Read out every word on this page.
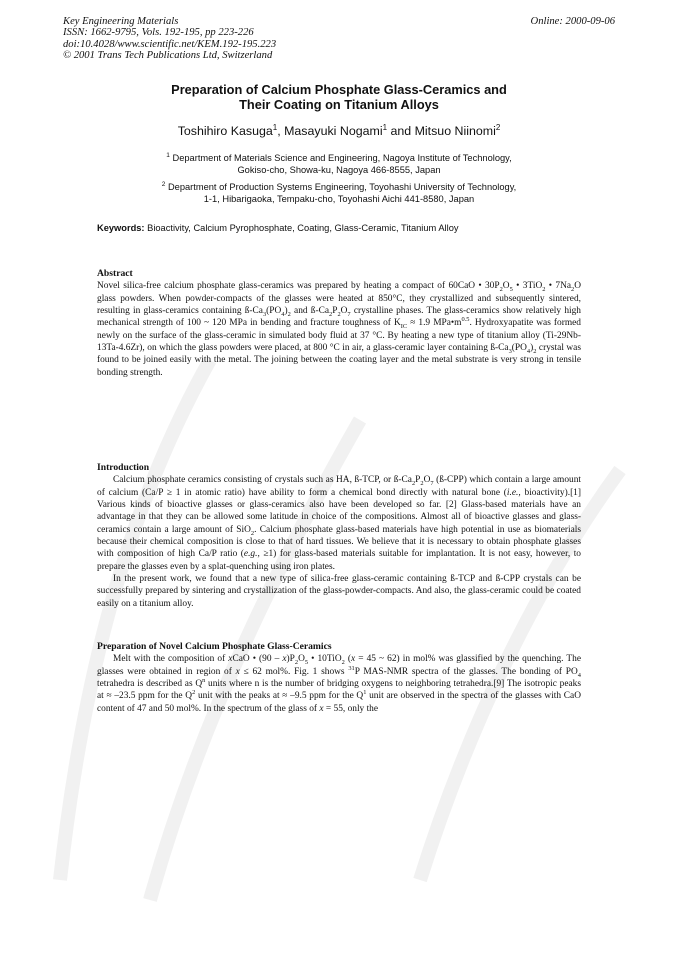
Key Engineering Materials
ISSN: 1662-9795, Vols. 192-195, pp 223-226
doi:10.4028/www.scientific.net/KEM.192-195.223
© 2001 Trans Tech Publications Ltd, Switzerland
Online: 2000-09-06
Preparation of Calcium Phosphate Glass-Ceramics and
Their Coating on Titanium Alloys
Toshihiro Kasuga$^1$, Masayuki Nogami$^1$ and Mitsuo Niinomi$^2$
$^1$ Department of Materials Science and Engineering, Nagoya Institute of Technology,
Gokiso-cho, Showa-ku, Nagoya 466-8555, Japan
$^2$ Department of Production Systems Engineering, Toyohashi University of Technology,
1-1, Hibarigaoka, Tempaku-cho, Toyohashi Aichi 441-8580, Japan
Keywords: Bioactivity, Calcium Pyrophosphate, Coating, Glass-Ceramic, Titanium Alloy
Abstract

Novel silica-free calcium phosphate glass-ceramics was prepared by heating a compact of 60CaO • $30P_2O_5$ • 3TiO$_2$ • $7Na_2O$ glass powders. When powder-compacts of the glasses were heated at 850°C, they crystallized and subsequently sintered, resulting in glass-ceramics containing $ß-Ca_3(PO_4)_2$ and $ß-Ca_2P_2O_7$ crystalline phases. The glass-ceramics show relatively high mechanical strength of 100 ~ 120 MPa in bending and fracture toughness of $K_{IC} \approx 1.9$ $MPa•m^{0.5}$. Hydroxyapatite was formed newly on the surface of the glass-ceramic in simulated body fluid at 37 °C. By heating a new type of titanium alloy (Ti-29Nb-13Ta-4.6Zr), on which the glass powders were placed, at 800 °C in air, a glass-ceramic layer containing $ß-Ca_3(PO_4)_2$ crystal was found to be joined easily with the metal. The joining between the coating layer and the metal substrate is very strong in tensile bonding strength.

Introduction

Calcium phosphate ceramics consisting of crystals such as HA, ß-TCP, or $ß-Ca_2P_2O_7$ (ß-CPP) which contain a large amount of calcium (Ca/P ≥ 1 in atomic ratio) have ability to form a chemical bond directly with natural bone (i.e., bioactivity).[1] Various kinds of bioactive glasses or glass-ceramics also have been developed so far. [2] Glass-based materials have an advantage in that they can be allowed some latitude in choice of the compositions. Almost all of bioactive glasses and glass-ceramics contain a large amount of SiO$_2$. Calcium phosphate glass-based materials have high potential in use as biomaterials because their chemical composition is close to that of hard tissues. We believe that it is necessary to obtain phosphate glasses with composition of high Ca/P ratio (e.g., ≥1) for glass-based materials suitable for implantation. It is not easy, however, to prepare the glasses even by a splat-quenching using iron plates.

In the present work, we found that a new type of silica-free glass-ceramic containing ß-TCP and ß-CPP crystals can be successfully prepared by sintering and crystallization of the glass-powder-compacts. And also, the glass-ceramic could be coated easily on a titanium alloy.

Preparation of Novel Calcium Phosphate Glass-Ceramics

Melt with the composition of xCaO • $(90 - x)P_2O_5$ • 10TiO$_2$ (x = 45 ~ 62) in mol% was glassified by the quenching. The glasses were obtained in region of x ≤ 62 mol%. Fig. 1 shows $^{31}$P MAS-NMR spectra of the glasses. The bonding of $PO_4$ tetrahedra is described as $Q^n$ units where n is the number of bridging oxygens to neighboring tetrahedra.[9] The isotropic peaks at ≈ –23.5 ppm for the $Q^2$ unit with the peaks at ≈ –9.5 ppm for the $Q^1$ unit are observed in the spectra of the glasses with CaO content of 47 and 50 mol%. In the spectrum of the glass of x = 55, only the
